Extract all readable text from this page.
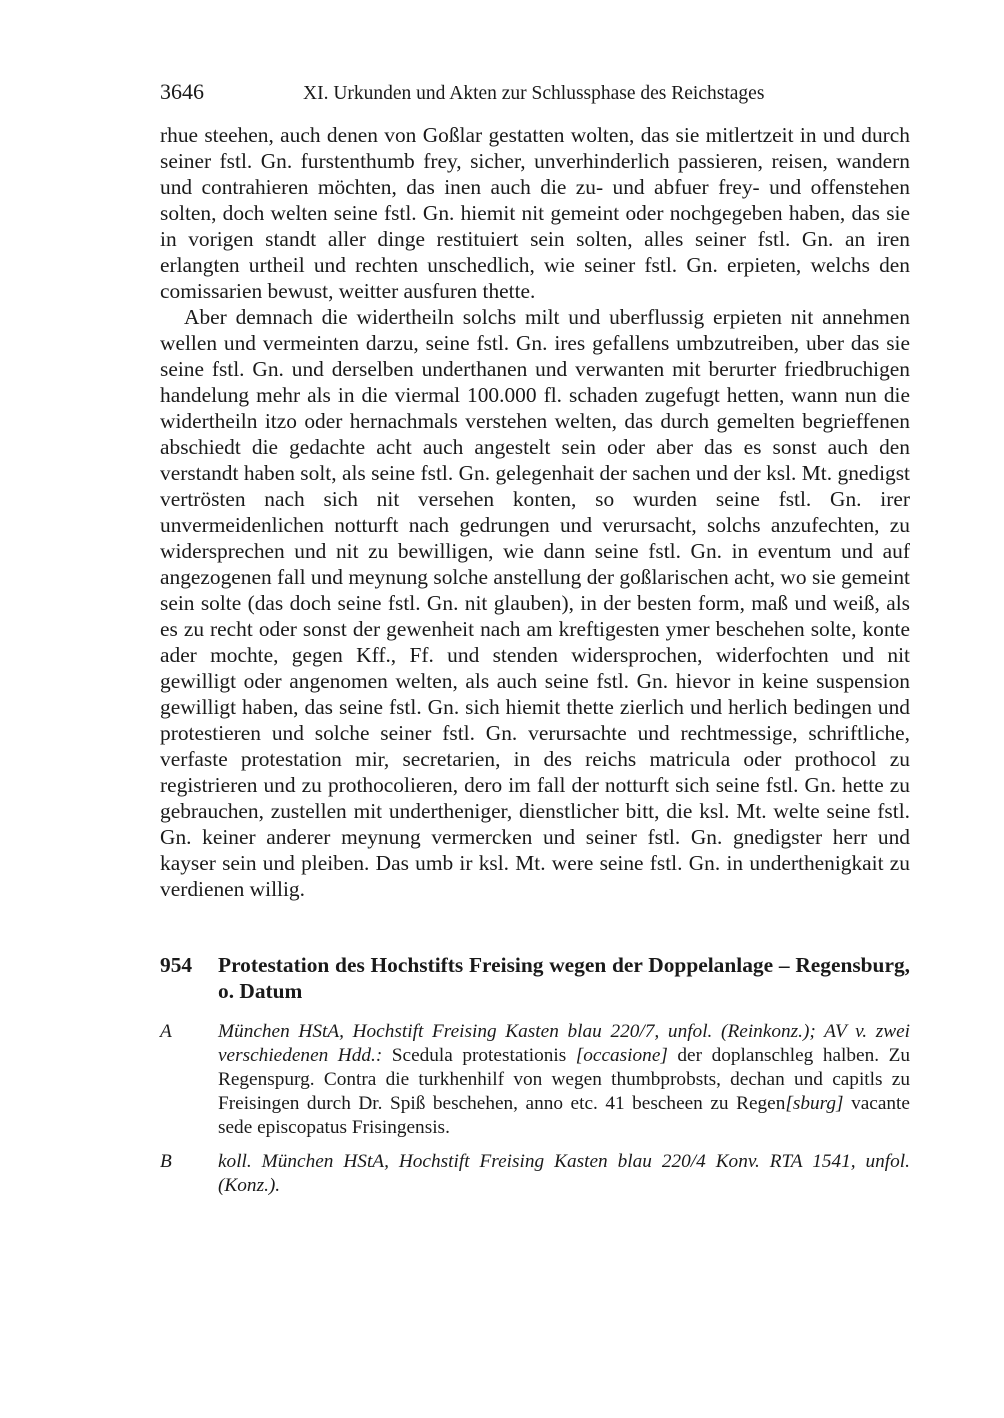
3646	XI. Urkunden und Akten zur Schlussphase des Reichstages

rhue steehen, auch denen von Goßlar gestatten wolten, das sie mitlertzeit in und durch seiner fstl. Gn. furstenthumb frey, sicher, unverhinderlich passieren, reisen, wandern und contrahieren möchten, das inen auch die zu- und abfuer frey- und offenstehen solten, doch welten seine fstl. Gn. hiemit nit gemeint oder nochgegeben haben, das sie in vorigen standt aller dinge restituiert sein solten, alles seiner fstl. Gn. an iren erlangten urtheil und rechten unschedlich, wie seiner fstl. Gn. erpieten, welchs den comissarien bewust, weitter ausfuren thette.

Aber demnach die widertheiln solchs milt und uberflussig erpieten nit annehmen wellen und vermeinten darzu, seine fstl. Gn. ires gefallens umbzutreiben, uber das sie seine fstl. Gn. und derselben underthanen und verwanten mit berurter friedbruchigen handelung mehr als in die viermal 100.000 fl. schaden zugefugt hetten, wann nun die widertheiln itzo oder hernachmals verstehen welten, das durch gemelten begrieffenen abschiedt die gedachte acht auch angestelt sein oder aber das es sonst auch den verstandt haben solt, als seine fstl. Gn. gelegenhait der sachen und der ksl. Mt. gnedigst vertrösten nach sich nit versehen konten, so wurden seine fstl. Gn. irer unvermeidenlichen notturft nach gedrungen und verursacht, solchs anzufechten, zu widersprechen und nit zu bewilligen, wie dann seine fstl. Gn. in eventum und auf angezogenen fall und meynung solche anstellung der goßlarischen acht, wo sie gemeint sein solte (das doch seine fstl. Gn. nit glauben), in der besten form, maß und weiß, als es zu recht oder sonst der gewenheit nach am kreftigesten ymer beschehen solte, konte ader mochte, gegen Kff., Ff. und stenden widersprochen, widerfochten und nit gewilligt oder angenomen welten, als auch seine fstl. Gn. hievor in keine suspension gewilligt haben, das seine fstl. Gn. sich hiemit thette zierlich und herlich bedingen und protestieren und solche seiner fstl. Gn. verursachte und rechtmessige, schriftliche, verfaste protestation mir, secretarien, in des reichs matricula oder prothocol zu registrieren und zu prothocolieren, dero im fall der notturft sich seine fstl. Gn. hette zu gebrauchen, zustellen mit undertheniger, dienstlicher bitt, die ksl. Mt. welte seine fstl. Gn. keiner anderer meynung vermercken und seiner fstl. Gn. gnedigster herr und kayser sein und pleiben. Das umb ir ksl. Mt. were seine fstl. Gn. in underthenigkait zu verdienen willig.

954	Protestation des Hochstifts Freising wegen der Doppelanlage – Regensburg, o. Datum
A	München HStA, Hochstift Freising Kasten blau 220/7, unfol. (Reinkonz.); AV v. zwei verschiedenen Hdd.: Scedula protestationis [occasione] der doplanschleg halben. Zu Regenspurg. Contra die turkhenhilf von wegen thumbprobsts, dechan und capitls zu Freisingen durch Dr. Spiß beschehen, anno etc. 41 bescheen zu Regen[sburg] vacante sede episcopatus Frisingensis.
B	koll. München HStA, Hochstift Freising Kasten blau 220/4 Konv. RTA 1541, unfol. (Konz.).
